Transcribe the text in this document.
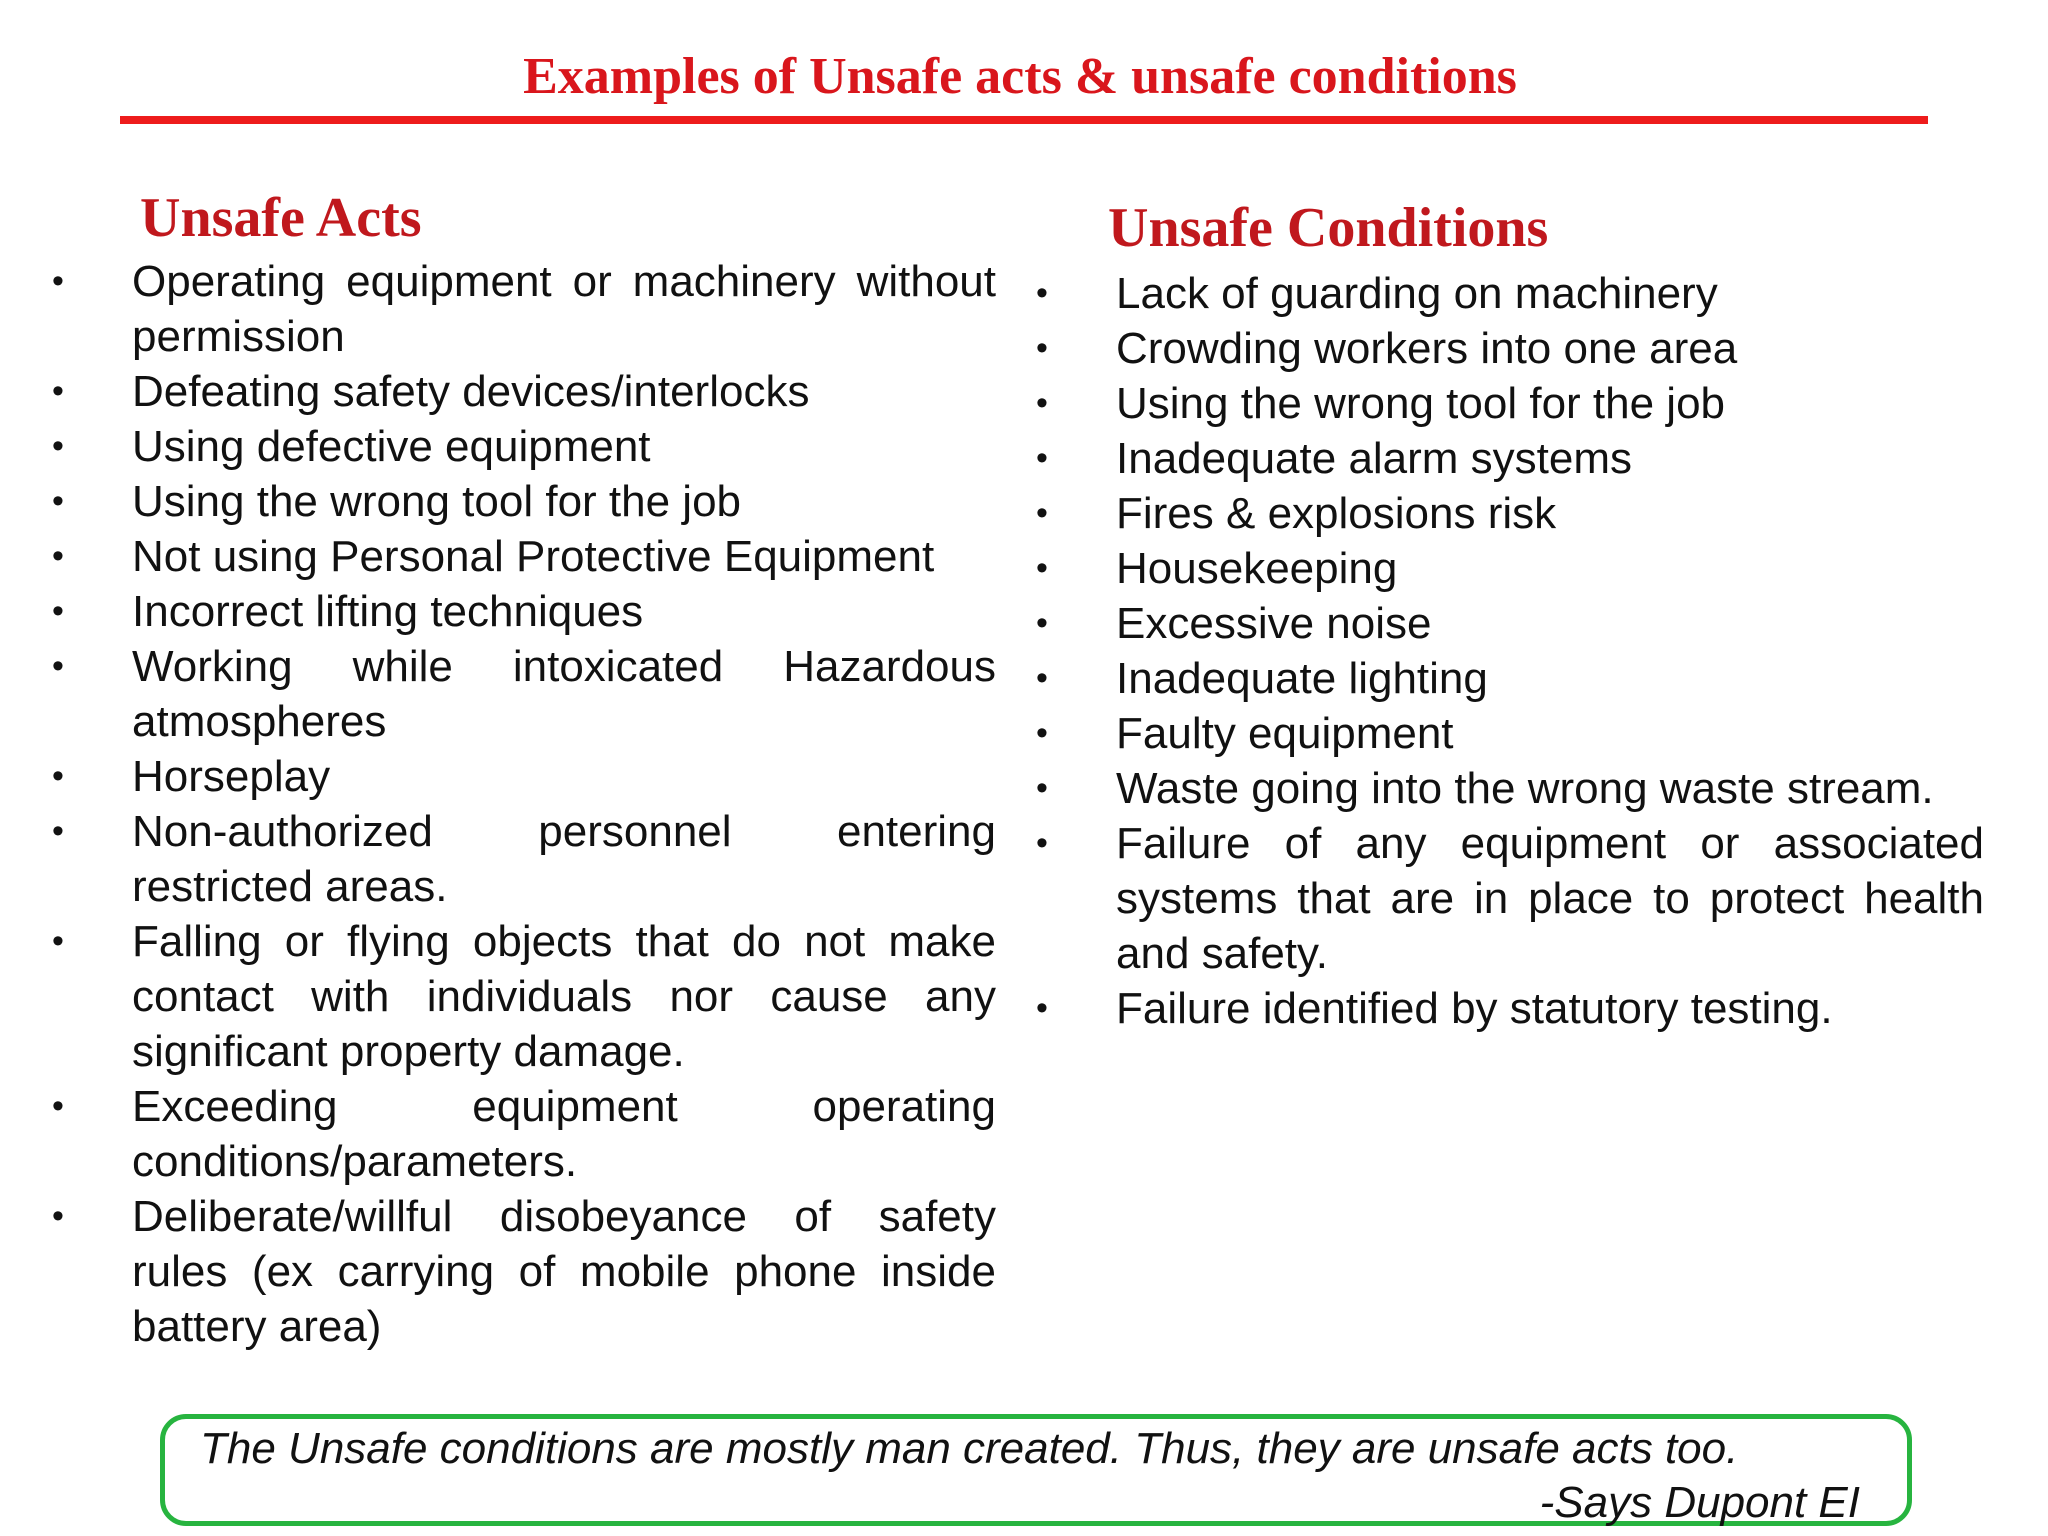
Examples of Unsafe acts & unsafe conditions
Unsafe Acts
• Operating equipment or machinery without permission
• Defeating safety devices/interlocks
• Using defective equipment
• Using the wrong tool for the job
• Not using Personal Protective Equipment
• Incorrect lifting techniques
• Working while intoxicated Hazardous atmospheres
• Horseplay
• Non-authorized personnel entering restricted areas.
• Falling or flying objects that do not make contact with individuals nor cause any significant property damage.
• Exceeding equipment operating conditions/parameters.
• Deliberate/willful disobeyance of safety rules (ex carrying of mobile phone inside battery area)
Unsafe Conditions
• Lack of guarding on machinery
• Crowding workers into one area
• Using the wrong tool for the job
• Inadequate alarm systems
• Fires & explosions risk
• Housekeeping
• Excessive noise
• Inadequate lighting
• Faulty equipment
• Waste going into the wrong waste stream.
• Failure of any equipment or associated systems that are in place to protect health and safety.
• Failure identified by statutory testing.

The Unsafe conditions are mostly man created. Thus, they are unsafe acts too.

-Says Dupont EI
